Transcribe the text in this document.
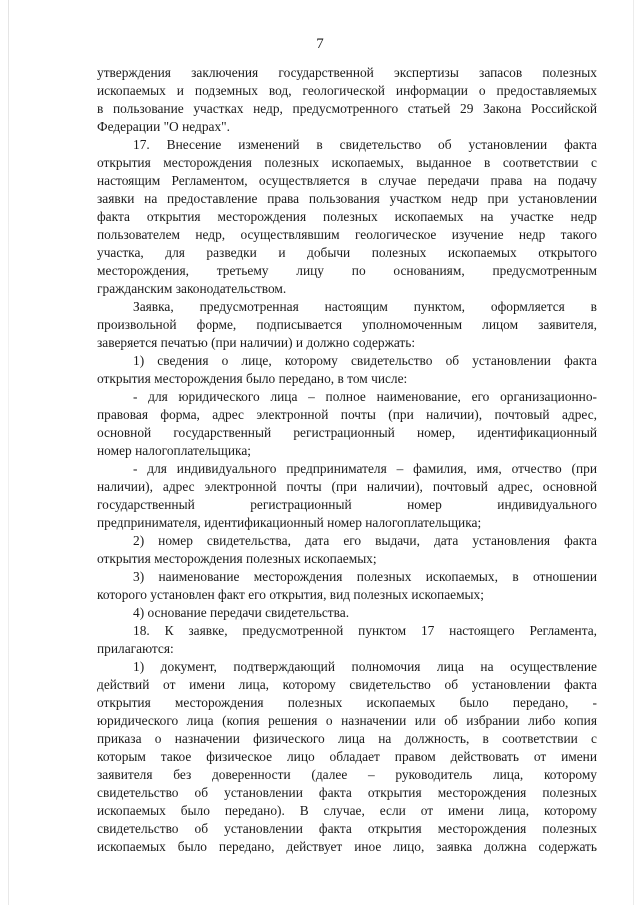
7
утверждения заключения государственной экспертизы запасов полезных
ископаемых и подземных вод, геологической информации о предоставляемых
в пользование участках недр, предусмотренного статьей 29 Закона Российской
Федерации "О недрах".
17. Внесение изменений в свидетельство об установлении факта
открытия месторождения полезных ископаемых, выданное в соответствии с
настоящим Регламентом, осуществляется в случае передачи права на подачу
заявки на предоставление права пользования участком недр при установлении
факта открытия месторождения полезных ископаемых на участке недр
пользователем недр, осуществлявшим геологическое изучение недр такого
участка, для разведки и добычи полезных ископаемых открытого
месторождения, третьему лицу по основаниям, предусмотренным
гражданским законодательством.
Заявка, предусмотренная настоящим пунктом, оформляется в
произвольной форме, подписывается уполномоченным лицом заявителя,
заверяется печатью (при наличии) и должно содержать:
1) сведения о лице, которому свидетельство об установлении факта
открытия месторождения было передано, в том числе:
- для юридического лица – полное наименование, его организационно-
правовая форма, адрес электронной почты (при наличии), почтовый адрес,
основной государственный регистрационный номер, идентификационный
номер налогоплательщика;
- для индивидуального предпринимателя – фамилия, имя, отчество (при
наличии), адрес электронной почты (при наличии), почтовый адрес, основной
государственный регистрационный номер индивидуального
предпринимателя, идентификационный номер налогоплательщика;
2) номер свидетельства, дата его выдачи, дата установления факта
открытия месторождения полезных ископаемых;
3) наименование месторождения полезных ископаемых, в отношении
которого установлен факт его открытия, вид полезных ископаемых;
4) основание передачи свидетельства.
18. К заявке, предусмотренной пунктом 17 настоящего Регламента,
прилагаются:
1) документ, подтверждающий полномочия лица на осуществление
действий от имени лица, которому свидетельство об установлении факта
открытия месторождения полезных ископаемых было передано, -
юридического лица (копия решения о назначении или об избрании либо копия
приказа о назначении физического лица на должность, в соответствии с
которым такое физическое лицо обладает правом действовать от имени
заявителя без доверенности (далее – руководитель лица, которому
свидетельство об установлении факта открытия месторождения полезных
ископаемых было передано). В случае, если от имени лица, которому
свидетельство об установлении факта открытия месторождения полезных
ископаемых было передано, действует иное лицо, заявка должна содержать
